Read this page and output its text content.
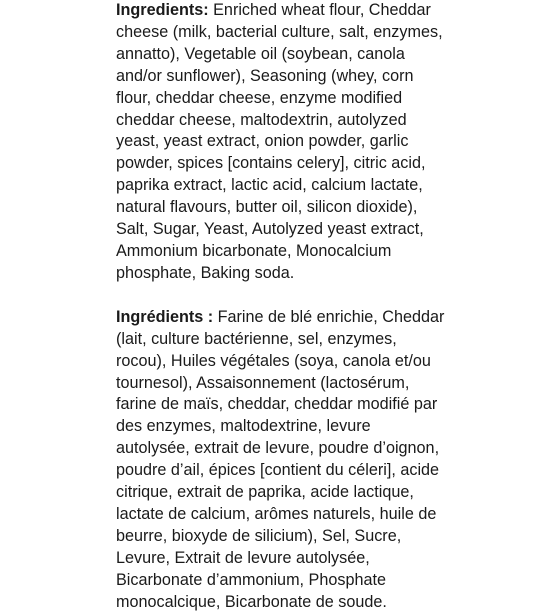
Ingredients: Enriched wheat flour, Cheddar
cheese (milk, bacterial culture, salt, enzymes,
annatto), Vegetable oil (soybean, canola
and/or sunflower), Seasoning (whey, corn
flour, cheddar cheese, enzyme modified
cheddar cheese, maltodextrin, autolyzed
yeast, yeast extract, onion powder, garlic
powder, spices [contains celery], citric acid,
paprika extract, lactic acid, calcium lactate,
natural flavours, butter oil, silicon dioxide),
Salt, Sugar, Yeast, Autolyzed yeast extract,
Ammonium bicarbonate, Monocalcium
phosphate, Baking soda.

Ingrédients : Farine de blé enrichie, Cheddar
(lait, culture bactérienne, sel, enzymes,
rocou), Huiles végétales (soya, canola et/ou
tournesol), Assaisonnement (lactosérum,
farine de maïs, cheddar, cheddar modifié par
des enzymes, maltodextrine, levure
autolysée, extrait de levure, poudre d’oignon,
poudre d’ail, épices [contient du céleri], acide
citrique, extrait de paprika, acide lactique,
lactate de calcium, arômes naturels, huile de
beurre, bioxyde de silicium), Sel, Sucre,
Levure, Extrait de levure autolysée,
Bicarbonate d’ammonium, Phosphate
monocalcique, Bicarbonate de soude.
